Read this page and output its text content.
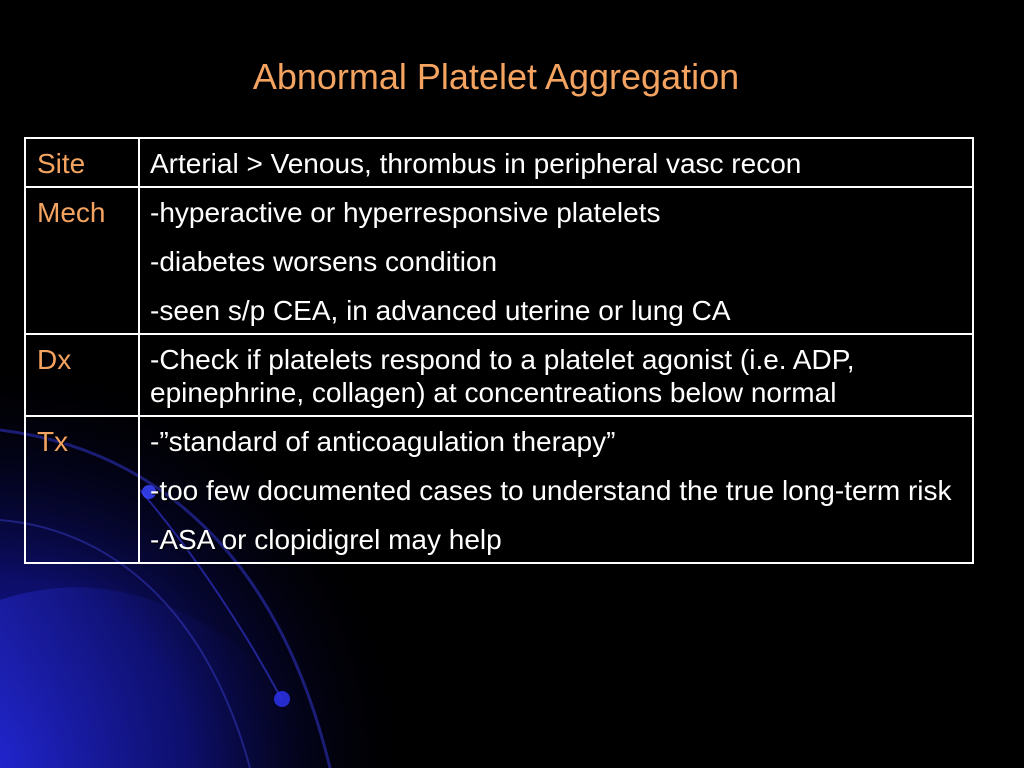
Abnormal Platelet Aggregation
Site	Arterial > Venous, thrombus in peripheral vasc recon

Mech	-hyperactive or hyperresponsive platelets
-diabetes worsens condition
-seen s/p CEA, in advanced uterine or lung CA

Dx	-Check if platelets respond to a platelet agonist (i.e. ADP, epinephrine, collagen) at concentreations below normal

Tx	-”standard of anticoagulation therapy”
-too few documented cases to understand the true long-term risk
-ASA or clopidigrel may help
